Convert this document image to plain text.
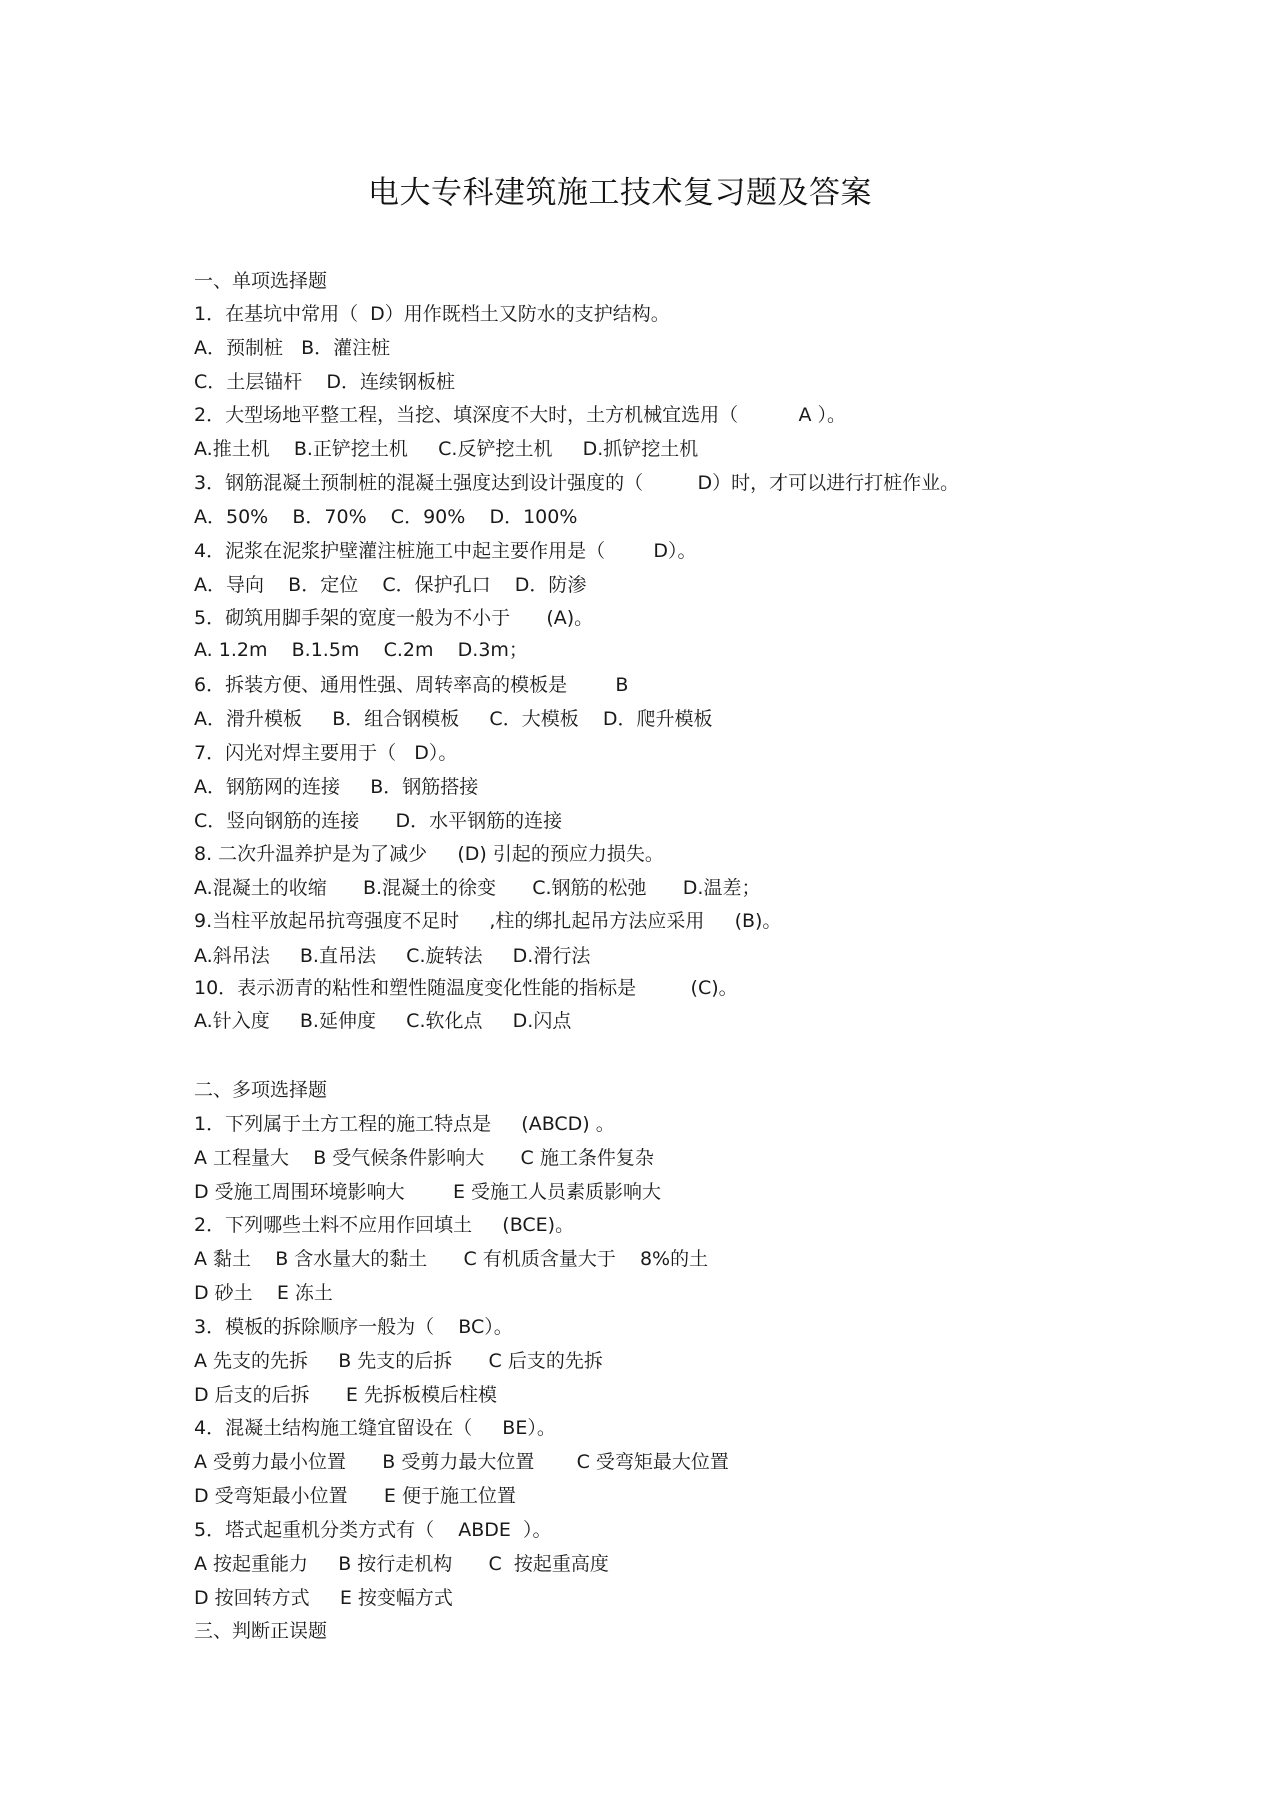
电大专科建筑施工技术复习题及答案
一、单项选择题
1．在基坑中常用（  D）用作既档土又防水的支护结构。
A．预制桩   B．灌注桩
C．土层锚杆    D．连续钢板桩
2．大型场地平整工程，当挖、填深度不大时，土方机械宜选用（          A ）。
A.推土机    B.正铲挖土机     C.反铲挖土机     D.抓铲挖土机
3．钢筋混凝土预制桩的混凝土强度达到设计强度的（         D）时，才可以进行打桩作业。
A．50%    B．70%    C．90%    D．100%
4．泥浆在泥浆护壁灌注桩施工中起主要作用是（        D）。
A．导向    B．定位    C．保护孔口    D．防渗
5．砌筑用脚手架的宽度一般为不小于      (A)。
A. 1.2m    B.1.5m    C.2m    D.3m；
6．拆装方便、通用性强、周转率高的模板是        B
A．滑升模板     B．组合钢模板     C．大模板    D．爬升模板
7．闪光对焊主要用于（   D）。
A．钢筋网的连接     B．钢筋搭接
C．竖向钢筋的连接      D．水平钢筋的连接
8. 二次升温养护是为了减少     (D) 引起的预应力损失。
A.混凝土的收缩      B.混凝土的徐变      C.钢筋的松弛      D.温差；
9.当柱平放起吊抗弯强度不足时     ,柱的绑扎起吊方法应采用     (B)。
A.斜吊法     B.直吊法     C.旋转法     D.滑行法
10．表示沥青的粘性和塑性随温度变化性能的指标是         (C)。
A.针入度     B.延伸度     C.软化点     D.闪点
二、多项选择题
1．下列属于土方工程的施工特点是     (ABCD) 。
A 工程量大    B 受气候条件影响大      C 施工条件复杂
D 受施工周围环境影响大        E 受施工人员素质影响大
2．下列哪些土料不应用作回填土     (BCE)。
A 黏土    B 含水量大的黏土      C 有机质含量大于    8%的土
D 砂土    E 冻土
3．模板的拆除顺序一般为（    BC）。
A 先支的先拆     B 先支的后拆      C 后支的先拆
D 后支的后拆      E 先拆板模后柱模
4．混凝土结构施工缝宜留设在（     BE）。
A 受剪力最小位置      B 受剪力最大位置       C 受弯矩最大位置
D 受弯矩最小位置      E 便于施工位置
5．塔式起重机分类方式有（    ABDE  ）。
A 按起重能力     B 按行走机构      C  按起重高度
D 按回转方式     E 按变幅方式
三、判断正误题
